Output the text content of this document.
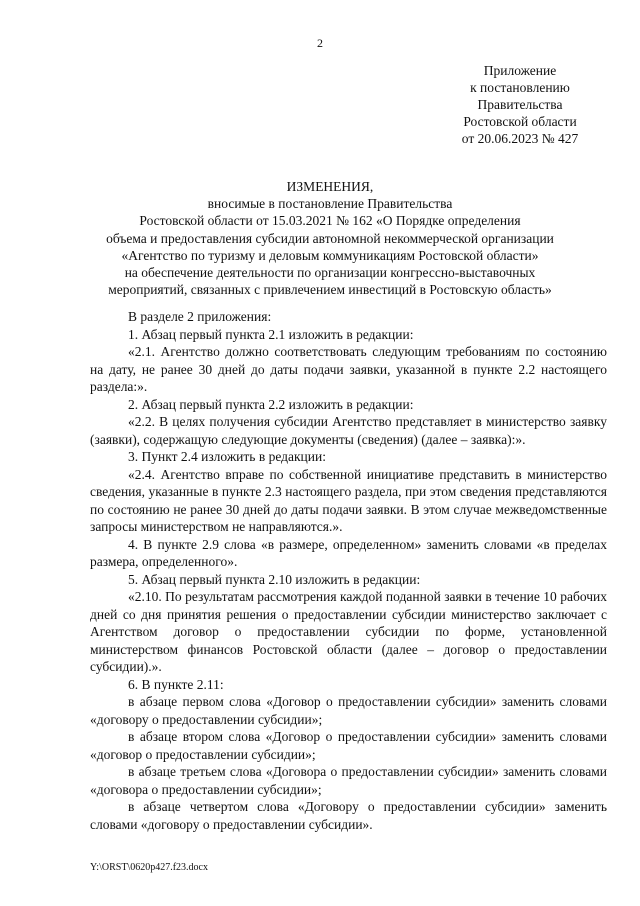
2
Приложение
к постановлению
Правительства
Ростовской области
от 20.06.2023 № 427
ИЗМЕНЕНИЯ,
вносимые в постановление Правительства
Ростовской области от 15.03.2021 № 162 «О Порядке определения
объема и предоставления субсидии автономной некоммерческой организации
«Агентство по туризму и деловым коммуникациям Ростовской области»
на обеспечение деятельности по организации конгрессно-выставочных
мероприятий, связанных с привлечением инвестиций в Ростовскую область»

В разделе 2 приложения:

1. Абзац первый пункта 2.1 изложить в редакции:

«2.1. Агентство должно соответствовать следующим требованиям по состоянию на дату, не ранее 30 дней до даты подачи заявки, указанной в пункте 2.2 настоящего раздела:».

2. Абзац первый пункта 2.2 изложить в редакции:

«2.2. В целях получения субсидии Агентство представляет в министерство заявку (заявки), содержащую следующие документы (сведения) (далее – заявка):».

3. Пункт 2.4 изложить в редакции:

«2.4. Агентство вправе по собственной инициативе представить в министерство сведения, указанные в пункте 2.3 настоящего раздела, при этом сведения представляются по состоянию не ранее 30 дней до даты подачи заявки. В этом случае межведомственные запросы министерством не направляются.».

4. В пункте 2.9 слова «в размере, определенном» заменить словами «в пределах размера, определенного».

5. Абзац первый пункта 2.10 изложить в редакции:

«2.10. По результатам рассмотрения каждой поданной заявки в течение 10 рабочих дней со дня принятия решения о предоставлении субсидии министерство заключает с Агентством договор о предоставлении субсидии по форме, установленной министерством финансов Ростовской области (далее – договор о предоставлении субсидии).».

6. В пункте 2.11:

в абзаце первом слова «Договор о предоставлении субсидии» заменить словами «договору о предоставлении субсидии»;

в абзаце втором слова «Договор о предоставлении субсидии» заменить словами «договор о предоставлении субсидии»;

в абзаце третьем слова «Договора о предоставлении субсидии» заменить словами «договора о предоставлении субсидии»;

в абзаце четвертом слова «Договору о предоставлении субсидии» заменить словами «договору о предоставлении субсидии».

Y:\ORST\0620p427.f23.docx
